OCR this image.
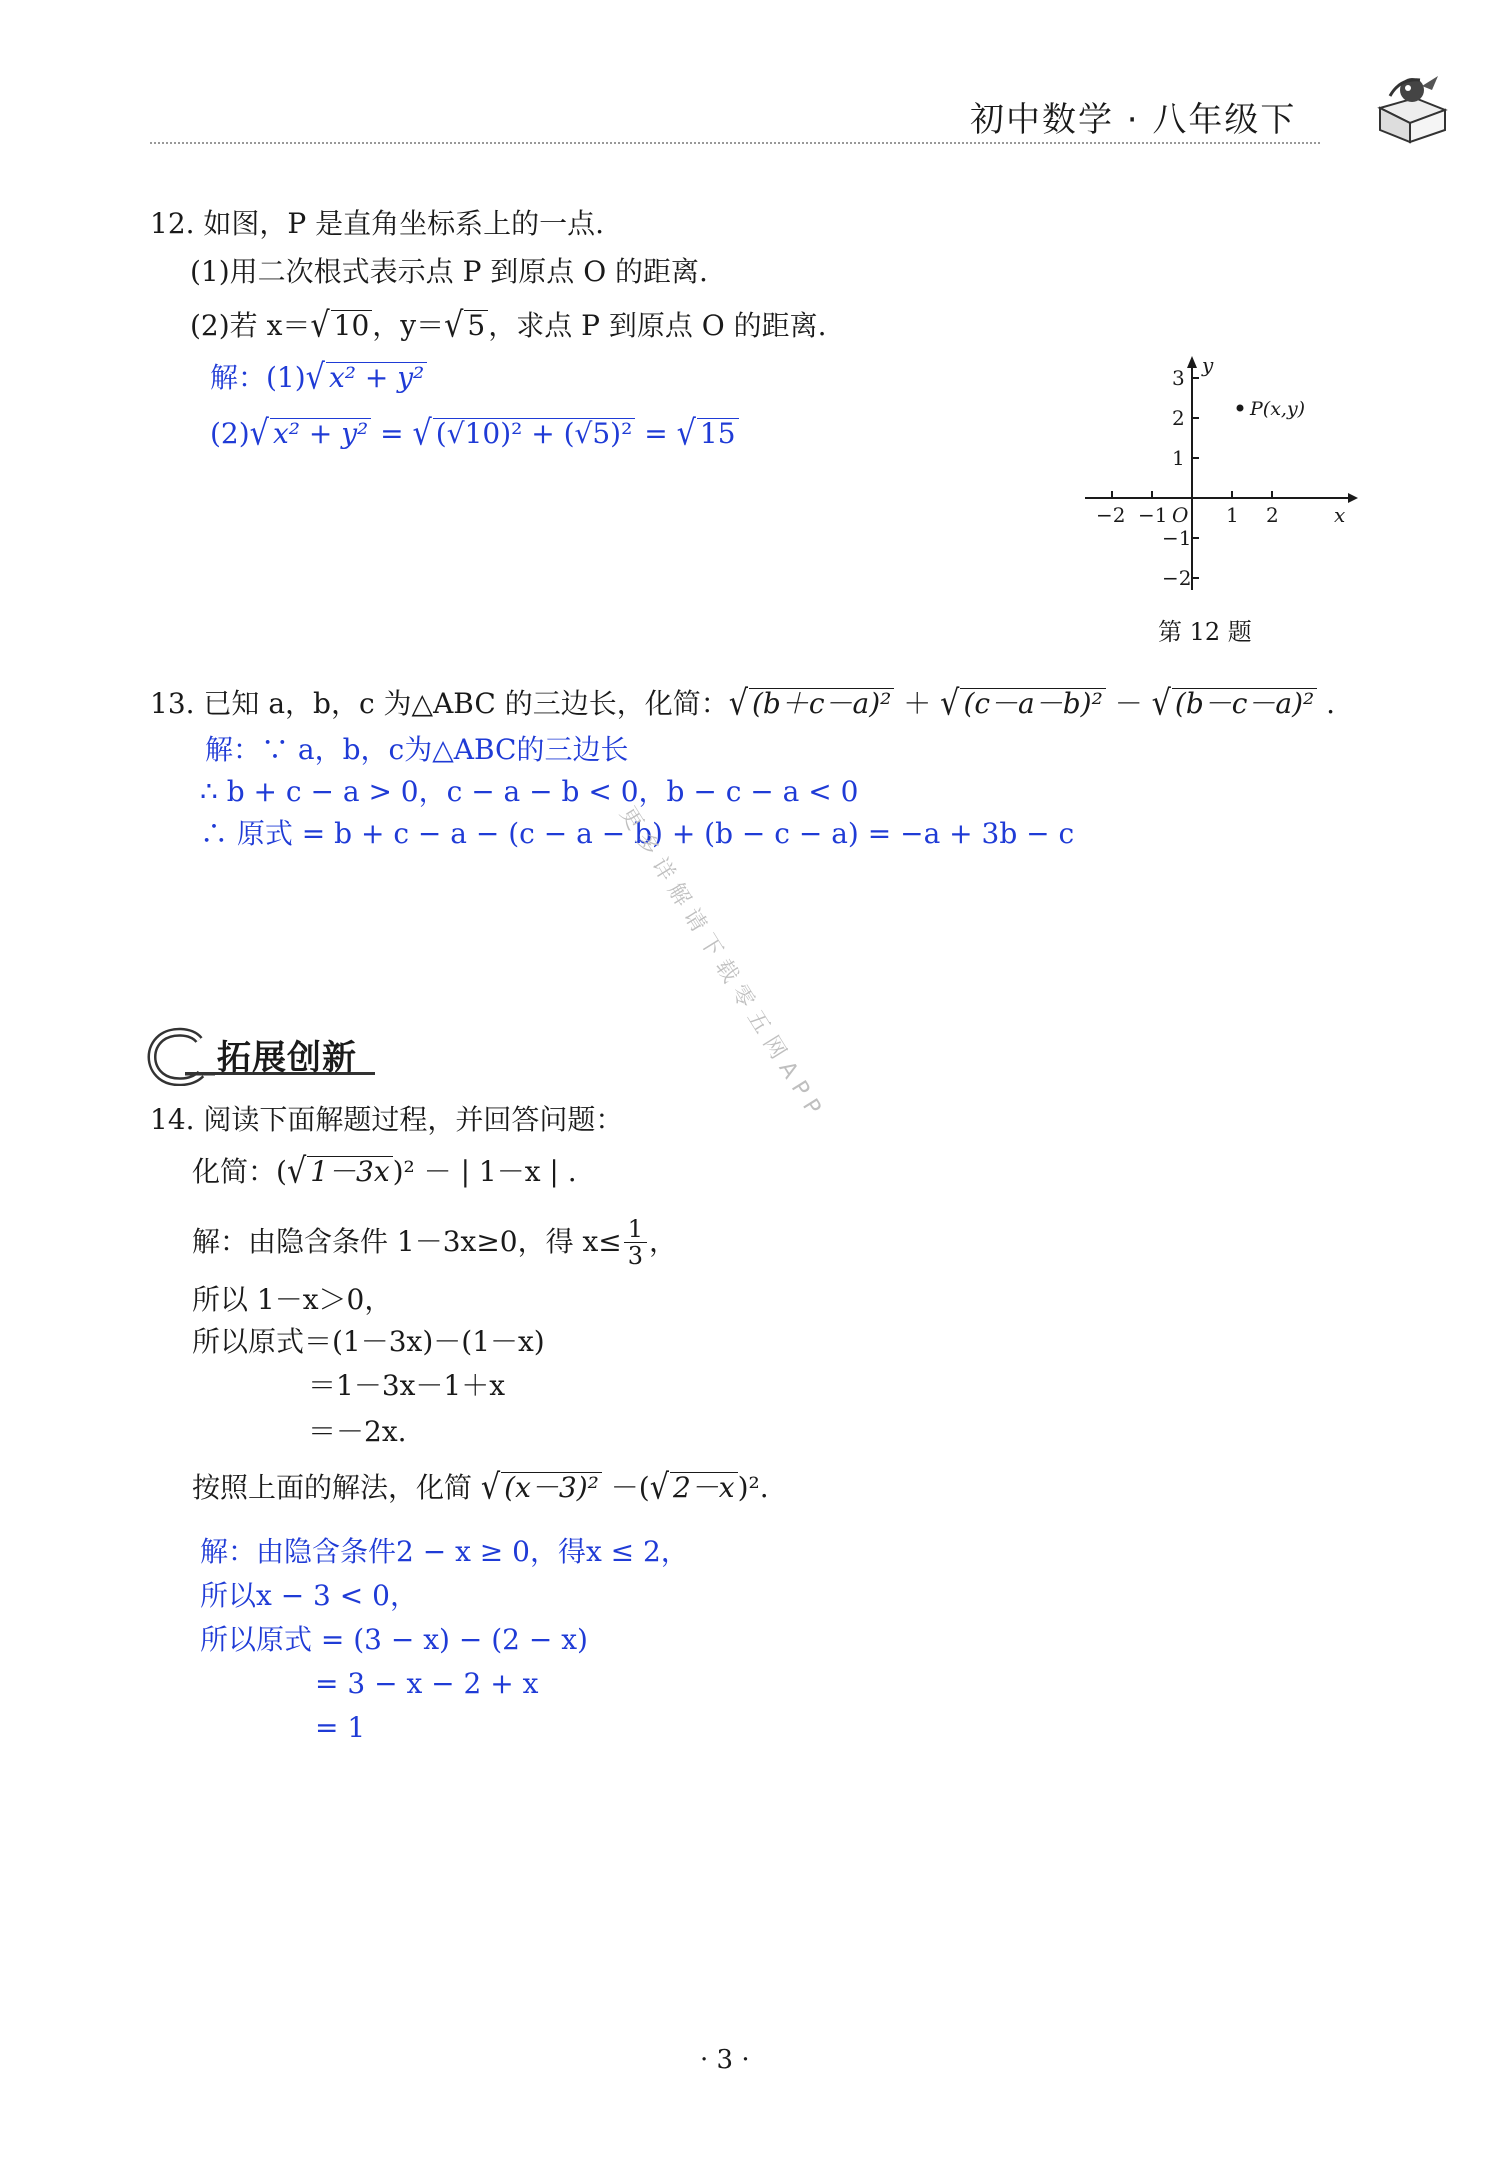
初中数学 · 八年级下
12. 如图，P 是直角坐标系上的一点.
(1)用二次根式表示点 P 到原点 O 的距离.
(2)若 x＝√ 10 ，y＝√ 5 ，求点 P 到原点 O 的距离.
解：(1)√ x² + y²
(2)√ x² + y² = √ (√10)² + (√5)² = √ 15
−2 −1 O 1 2	x
y
3
2
1
−1
−2
P(x,y)
第 12 题
13. 已知 a，b，c 为△ABC 的三边长，化简：√ (b＋c－a)² ＋ √ (c－a－b)² － √ (b－c－a)² .
解：∵ a，b，c为△ABC的三边长
∴ b + c − a > 0，c − a − b < 0，b − c − a < 0
∴ 原式 = b + c − a − (c − a − b) + (b − c − a) = −a + 3b − c
更多详解请下载零五网APP
拓展创新
14. 阅读下面解题过程，并回答问题：
化简：(√ 1－3x )² － | 1－x | .
解：由隐含条件 1－3x≥0，得 $x\le \frac{1}{3}$ ，
所以 1－x＞0，
所以原式＝(1－3x)－(1－x)
＝1－3x－1＋x
＝－2x.
按照上面的解法，化简 √ (x－3)² －(√ 2－x )².
解：由隐含条件2 − x ≥ 0，得x ≤ 2，
所以x − 3 < 0，
所以原式 = (3 − x) − (2 − x)
= 3 − x − 2 + x
= 1
· 3 ·
